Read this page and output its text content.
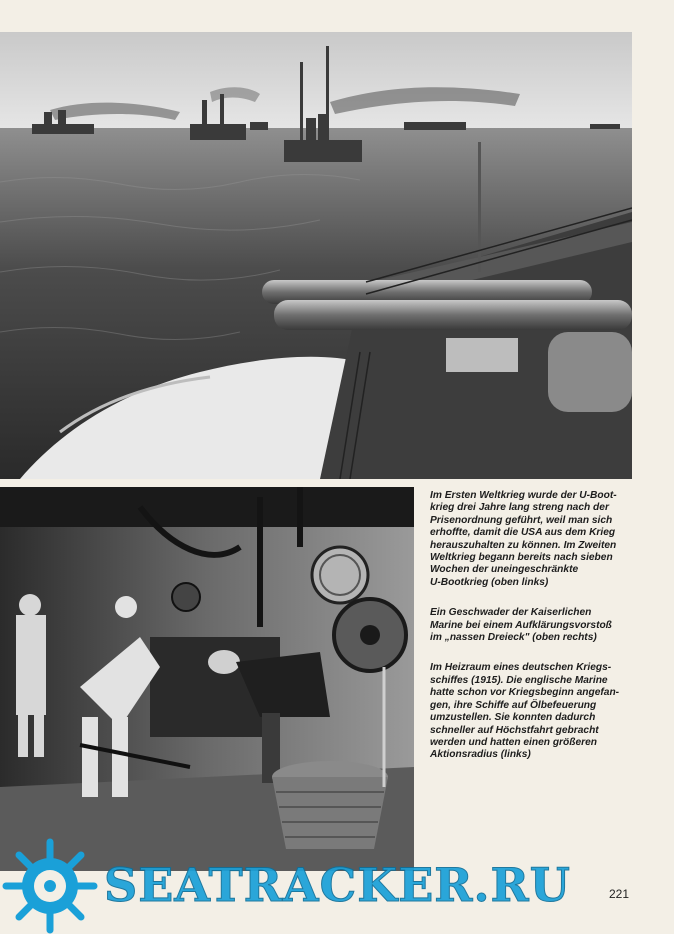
Im Ersten Weltkrieg wurde der U-Boot-
krieg drei Jahre lang streng nach der
Prisenordnung geführt, weil man sich
erhoffte, damit die USA aus dem Krieg
herauszuhalten zu können. Im Zweiten
Weltkrieg begann bereits nach sieben
Wochen der uneingeschränkte
U-Bootkrieg (oben links)

Ein Geschwader der Kaiserlichen
Marine bei einem Aufklärungsvorstoß
im „nassen Dreieck" (oben rechts)

Im Heizraum eines deutschen Kriegs-
schiffes (1915). Die englische Marine
hatte schon vor Kriegsbeginn angefan-
gen, ihre Schiffe auf Ölbefeuerung
umzustellen. Sie konnten dadurch
schneller auf Höchstfahrt gebracht
werden und hatten einen größeren
Aktionsradius (links)

SEATRACKER.RU	221
